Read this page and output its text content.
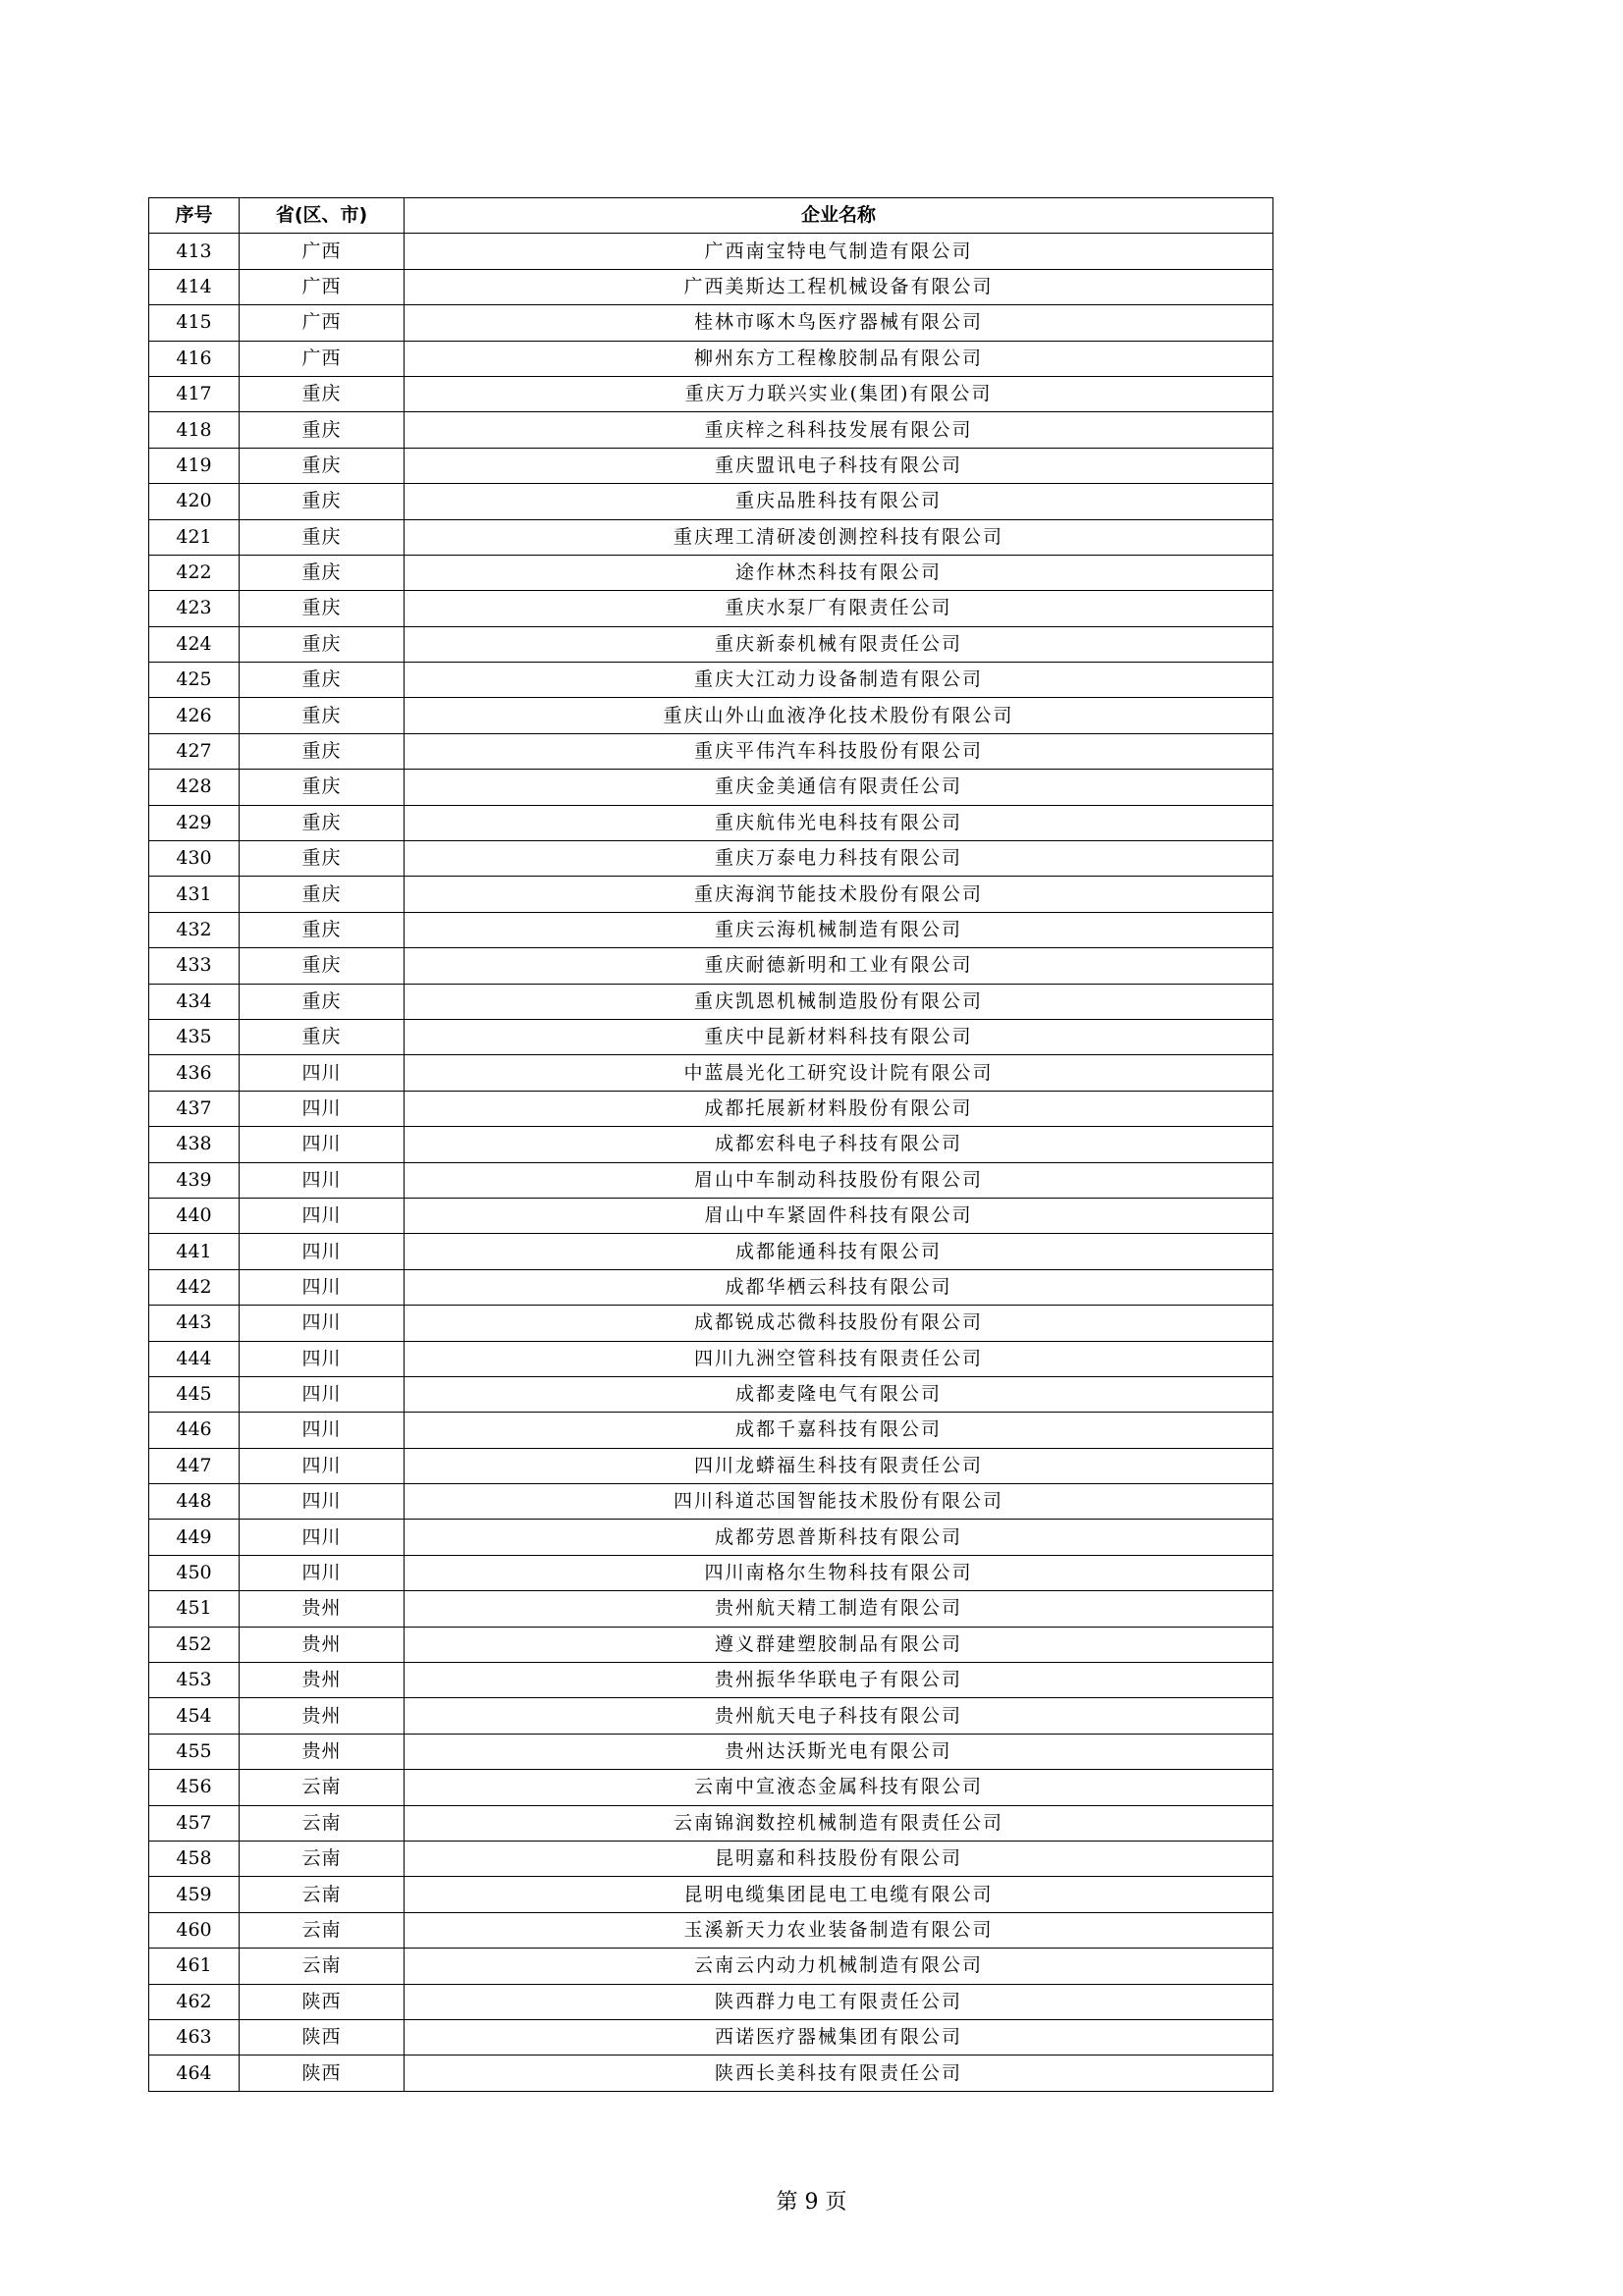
序号	省(区、市)	企业名称
413	广西	广西南宝特电气制造有限公司
414	广西	广西美斯达工程机械设备有限公司
415	广西	桂林市啄木鸟医疗器械有限公司
416	广西	柳州东方工程橡胶制品有限公司
417	重庆	重庆万力联兴实业(集团)有限公司
418	重庆	重庆梓之科科技发展有限公司
419	重庆	重庆盟讯电子科技有限公司
420	重庆	重庆品胜科技有限公司
421	重庆	重庆理工清研凌创测控科技有限公司
422	重庆	途作林杰科技有限公司
423	重庆	重庆水泵厂有限责任公司
424	重庆	重庆新泰机械有限责任公司
425	重庆	重庆大江动力设备制造有限公司
426	重庆	重庆山外山血液净化技术股份有限公司
427	重庆	重庆平伟汽车科技股份有限公司
428	重庆	重庆金美通信有限责任公司
429	重庆	重庆航伟光电科技有限公司
430	重庆	重庆万泰电力科技有限公司
431	重庆	重庆海润节能技术股份有限公司
432	重庆	重庆云海机械制造有限公司
433	重庆	重庆耐德新明和工业有限公司
434	重庆	重庆凯恩机械制造股份有限公司
435	重庆	重庆中昆新材料科技有限公司
436	四川	中蓝晨光化工研究设计院有限公司
437	四川	成都托展新材料股份有限公司
438	四川	成都宏科电子科技有限公司
439	四川	眉山中车制动科技股份有限公司
440	四川	眉山中车紧固件科技有限公司
441	四川	成都能通科技有限公司
442	四川	成都华栖云科技有限公司
443	四川	成都锐成芯微科技股份有限公司
444	四川	四川九洲空管科技有限责任公司
445	四川	成都麦隆电气有限公司
446	四川	成都千嘉科技有限公司
447	四川	四川龙蟒福生科技有限责任公司
448	四川	四川科道芯国智能技术股份有限公司
449	四川	成都劳恩普斯科技有限公司
450	四川	四川南格尔生物科技有限公司
451	贵州	贵州航天精工制造有限公司
452	贵州	遵义群建塑胶制品有限公司
453	贵州	贵州振华华联电子有限公司
454	贵州	贵州航天电子科技有限公司
455	贵州	贵州达沃斯光电有限公司
456	云南	云南中宣液态金属科技有限公司
457	云南	云南锦润数控机械制造有限责任公司
458	云南	昆明嘉和科技股份有限公司
459	云南	昆明电缆集团昆电工电缆有限公司
460	云南	玉溪新天力农业装备制造有限公司
461	云南	云南云内动力机械制造有限公司
462	陕西	陕西群力电工有限责任公司
463	陕西	西诺医疗器械集团有限公司
464	陕西	陕西长美科技有限责任公司
第 9 页
